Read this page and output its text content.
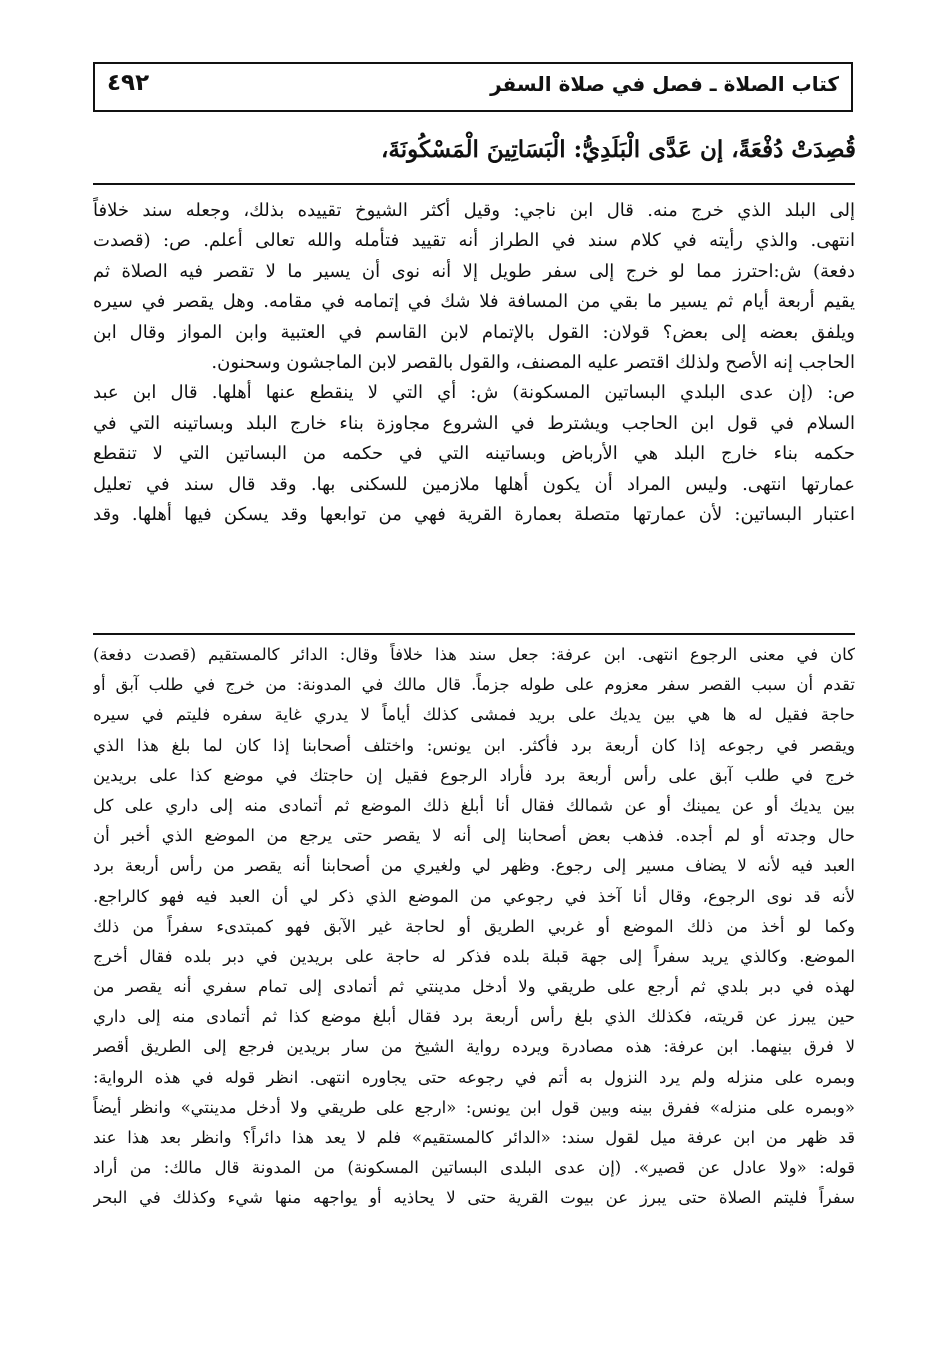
كتاب الصلاة ـ فصل في صلاة السفر
٤٩٢
قُصِدَتْ دُفْعَةً، إن عَدَّى الْبَلَدِيُّ: الْبَسَاتِينَ الْمَسْكُونَةَ،
إلى البلد الذي خرج منه. قال ابن ناجي: وقيل أكثر الشيوخ تقييده بذلك، وجعله سند خلافاً
انتهى. والذي رأيته في كلام سند في الطراز أنه تقييد فتأمله والله تعالى أعلم. ص: (قصدت
دفعة) ش:احترز مما لو خرج إلى سفر طويل إلا أنه نوى أن يسير ما لا تقصر فيه الصلاة ثم
يقيم أربعة أيام ثم يسير ما بقي من المسافة فلا شك في إتمامه في مقامه. وهل يقصر في سيره
ويلفق بعضه إلى بعض؟ قولان: القول بالإتمام لابن القاسم في العتبية وابن المواز وقال ابن
الحاجب إنه الأصح ولذلك اقتصر عليه المصنف، والقول بالقصر لابن الماجشون وسحنون.
ص: (إن عدى البلدي البساتين المسكونة) ش: أي التي لا ينقطع عنها أهلها. قال ابن عبد
السلام في قول ابن الحاجب ويشترط في الشروع مجاوزة بناء خارج البلد وبساتينه التي في
حكمه بناء خارج البلد هي الأرباض وبساتينه التي في حكمه من البساتين التي لا تنقطع
عمارتها انتهى. وليس المراد أن يكون أهلها ملازمين للسكنى بها. وقد قال سند في تعليل
اعتبار البساتين: لأن عمارتها متصلة بعمارة القرية فهي من توابعها وقد يسكن فيها أهلها. وقد
كان في معنى الرجوع انتهى. ابن عرفة: جعل سند هذا خلافاً وقال: الدائر كالمستقيم (قصدت دفعة)
تقدم أن سبب القصر سفر معزوم على طوله جزماً. قال مالك في المدونة: من خرج في طلب آبق أو
حاجة فقيل له ها هي بين يديك على بريد فمشى كذلك أياماً لا يدري غاية سفره فليتم في سيره
ويقصر في رجوعه إذا كان أربعة برد فأكثر. ابن يونس: واختلف أصحابنا إذا كان لما بلغ هذا الذي
خرج في طلب آبق على رأس أربعة برد فأراد الرجوع فقيل إن حاجتك في موضع كذا على بريدين
بين يديك أو عن يمينك أو عن شمالك فقال أنا أبلغ ذلك الموضع ثم أتمادى منه إلى داري على كل
حال وجدته أو لم أجده. فذهب بعض أصحابنا إلى أنه لا يقصر حتى يرجع من الموضع الذي أخبر أن
العبد فيه لأنه لا يضاف مسير إلى رجوع. وظهر لي ولغيري من أصحابنا أنه يقصر من رأس أربعة برد
لأنه قد نوى الرجوع، وقال أنا آخذ في رجوعي من الموضع الذي ذكر لي أن العبد فيه فهو كالراجع.
وكما لو أخذ من ذلك الموضع أو غربي الطريق أو لحاجة غير الآبق فهو كمبتدىء سفراً من ذلك
الموضع. وكالذي يريد سفراً إلى جهة قبلة بلده فذكر له حاجة على بريدين في دبر بلده فقال أخرج
لهذه في دبر بلدي ثم أرجع على طريقي ولا أدخل مدينتي ثم أتمادى إلى تمام سفري أنه يقصر من
حين يبرز عن قريته، فكذلك الذي بلغ رأس أربعة برد فقال أبلغ موضع كذا ثم أتمادى منه إلى داري
لا فرق بينهما. ابن عرفة: هذه مصادرة ويرده رواية الشيخ من سار بريدين فرجع إلى الطريق أقصر
وبمره على منزله ولم يرد النزول به أتم في رجوعه حتى يجاوره انتهى. انظر قوله في هذه الرواية:
«وبمره على منزله» ففرق بينه وبين قول ابن يونس: «ارجع على طريقي ولا أدخل مدينتي» وانظر أيضاً
قد ظهر من ابن عرفة ميل لقول سند: «الدائر كالمستقيم» فلم لا يعد هذا دائراً؟ وانظر بعد هذا عند
قوله: «ولا عادل عن قصير». (إن عدى البلدى البساتين المسكونة) من المدونة قال مالك: من أراد
سفراً فليتم الصلاة حتى يبرز عن بيوت القرية حتى لا يحاذيه أو يواجهه منها شيء وكذلك في البحر
